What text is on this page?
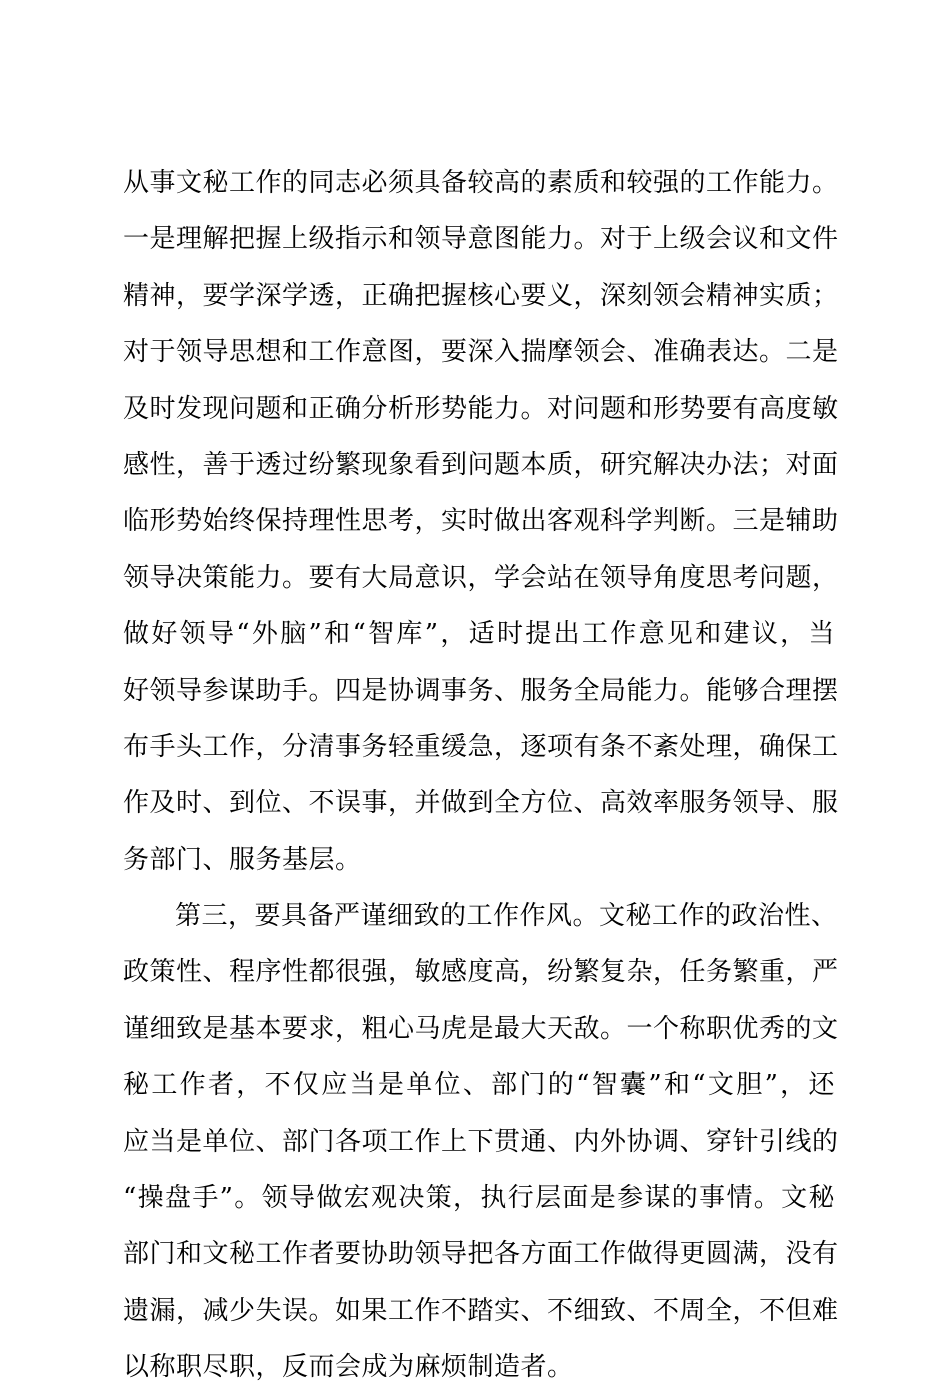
从事文秘工作的同志必须具备较高的素质和较强的工作能力。
一是理解把握上级指示和领导意图能力。对于上级会议和文件
精神，要学深学透，正确把握核心要义，深刻领会精神实质；
对于领导思想和工作意图，要深入揣摩领会、准确表达。二是
及时发现问题和正确分析形势能力。对问题和形势要有高度敏
感性，善于透过纷繁现象看到问题本质，研究解决办法；对面
临形势始终保持理性思考，实时做出客观科学判断。三是辅助
领导决策能力。要有大局意识，学会站在领导角度思考问题，
做好领导“外脑”和“智库”，适时提出工作意见和建议，当
好领导参谋助手。四是协调事务、服务全局能力。能够合理摆
布手头工作，分清事务轻重缓急，逐项有条不紊处理，确保工
作及时、到位、不误事，并做到全方位、高效率服务领导、服
务部门、服务基层。
第三，要具备严谨细致的工作作风。文秘工作的政治性、
政策性、程序性都很强，敏感度高，纷繁复杂，任务繁重，严
谨细致是基本要求，粗心马虎是最大天敌。一个称职优秀的文
秘工作者，不仅应当是单位、部门的“智囊”和“文胆”，还
应当是单位、部门各项工作上下贯通、内外协调、穿针引线的
“操盘手”。领导做宏观决策，执行层面是参谋的事情。文秘
部门和文秘工作者要协助领导把各方面工作做得更圆满，没有
遗漏，减少失误。如果工作不踏实、不细致、不周全，不但难
以称职尽职，反而会成为麻烦制造者。
